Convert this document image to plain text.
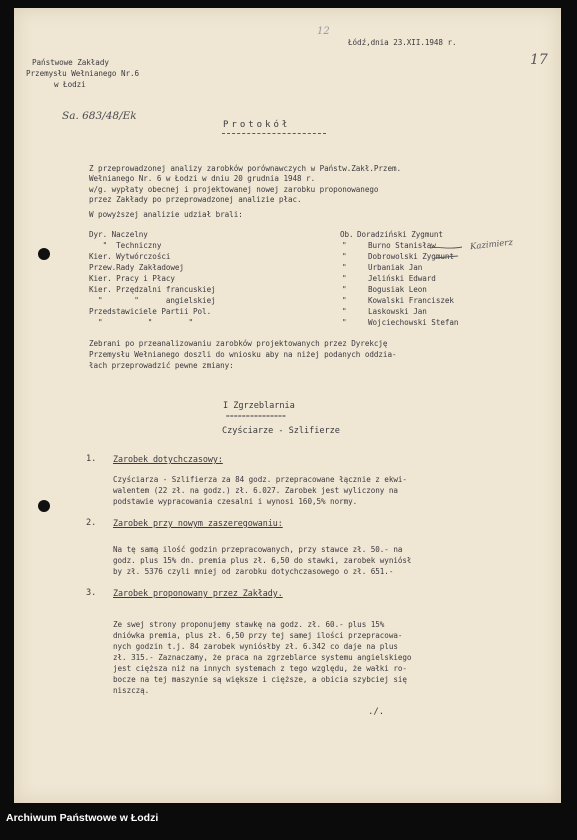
Państwowe Zakłady
Przemysłu Wełnianego Nr.6
w Łodzi
Łódź,dnia 23.XII.1948 r.
12
17
Sa. 683/48/Ek
Protokół
Z przeprowadzonej analizy zarobków porównawczych w Państw.Zakł.Przem.
Wełnianego Nr. 6 w Łodzi w dniu 20 grudnia 1948 r.
w/g. wypłaty obecnej i projektowanej nowej zarobku proponowanego
przez Zakłady po przeprowadzonej analizie płac.
W powyższej analizie udział brali:
Dyr. Naczelny	Ob. Doradziński Zygmunt
"  Techniczny	"	Burno Stanisław
Kier. Wytwórczości	"	Dobrowolski Zygmunt
Przew.Rady Zakładowej	"	Urbaniak Jan
Kier. Pracy i Płacy	"	Jeliński Edward
Kier. Przędzalni francuskiej	"	Bogusiak Leon
"       "      angielskiej	"	Kowalski Franciszek
Przedstawiciele Partii Pol.	"	Laskowski Jan
"          "        "	"	Wojciechowski Stefan
Kazimierz
Zebrani po przeanalizowaniu zarobków projektowanych przez Dyrekcję
Przemysłu Wełnianego doszli do wniosku aby na niżej podanych oddzia-
łach przeprowadzić pewne zmiany:
I Zgrzeblarnia
===============
Czyściarze - Szlifierze
1. Zarobek dotychczasowy:
Czyściarza - Szlifierza za 84 godz. przepracowane łącznie z ekwi-
walentem (22 zł. na godz.) zł. 6.027. Zarobek jest wyliczony na
podstawie wypracowania czesalni i wynosi 160,5% normy.
2. Zarobek przy nowym zaszeregowaniu:
Na tę samą ilość godzin przepracowanych, przy stawce zł. 50.- na
godz. plus 15% dn. premia plus zł. 6,50 do stawki, zarobek wyniósł
by zł. 5376 czyli mniej od zarobku dotychczasowego o zł. 651.-
3. Zarobek proponowany przez Zakłady.
Ze swej strony proponujemy stawkę na godz. zł. 60.- plus 15%
dniówka premia, plus zł. 6,50 przy tej samej ilości przepracowa-
nych godzin t.j. 84 zarobek wyniósłby zł. 6.342 co daje na plus
zł. 315.- Zaznaczamy, że praca na zgrzeblarce systemu angielskiego
jest cięższa niż na innych systemach z tego względu, że wałki ro-
bocze na tej maszynie są większe i cięższe, a obicia szybciej się
niszczą.
./.
Archiwum Państwowe w Łodzi
